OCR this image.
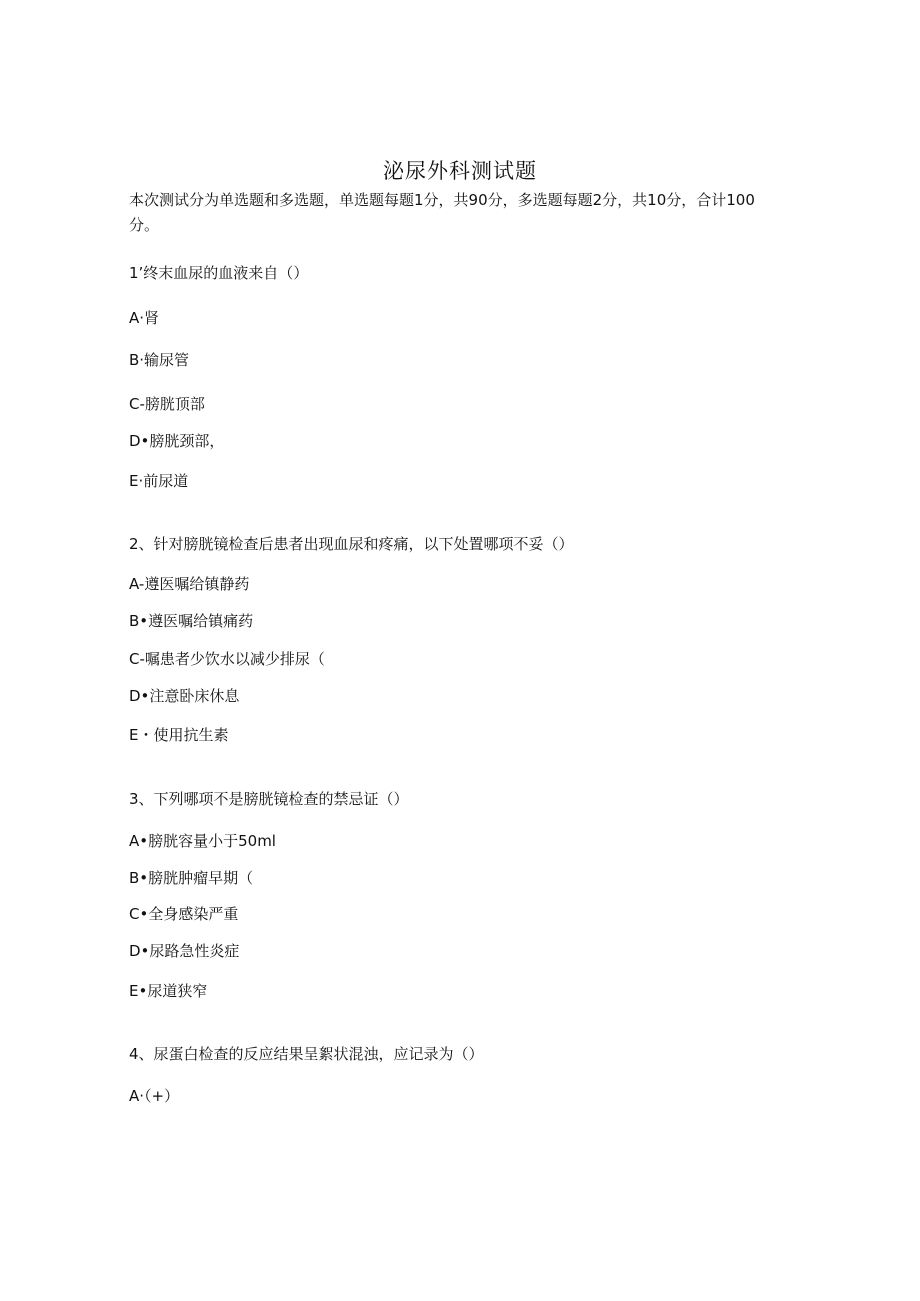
泌尿外科测试题

本次测试分为单选题和多选题，单选题每题1分，共90分，多选题每题2分，共10分，合计100分。

1’终末血尿的血液来自（）

A·肾

B·输尿管

C-膀胱顶部

D•膀胱颈部，

E·前尿道

2、针对膀胱镜检查后患者出现血尿和疼痛，以下处置哪项不妥（）

A-遵医嘱给镇静药

B•遵医嘱给镇痛药

C-嘱患者少饮水以减少排尿（

D•注意卧床休息

E・使用抗生素

3、下列哪项不是膀胱镜检查的禁忌证（）

A•膀胱容量小于50ml

B•膀胱肿瘤早期（

C•全身感染严重

D•尿路急性炎症

E•尿道狭窄

4、尿蛋白检查的反应结果呈絮状混浊，应记录为（）

A·（+）
